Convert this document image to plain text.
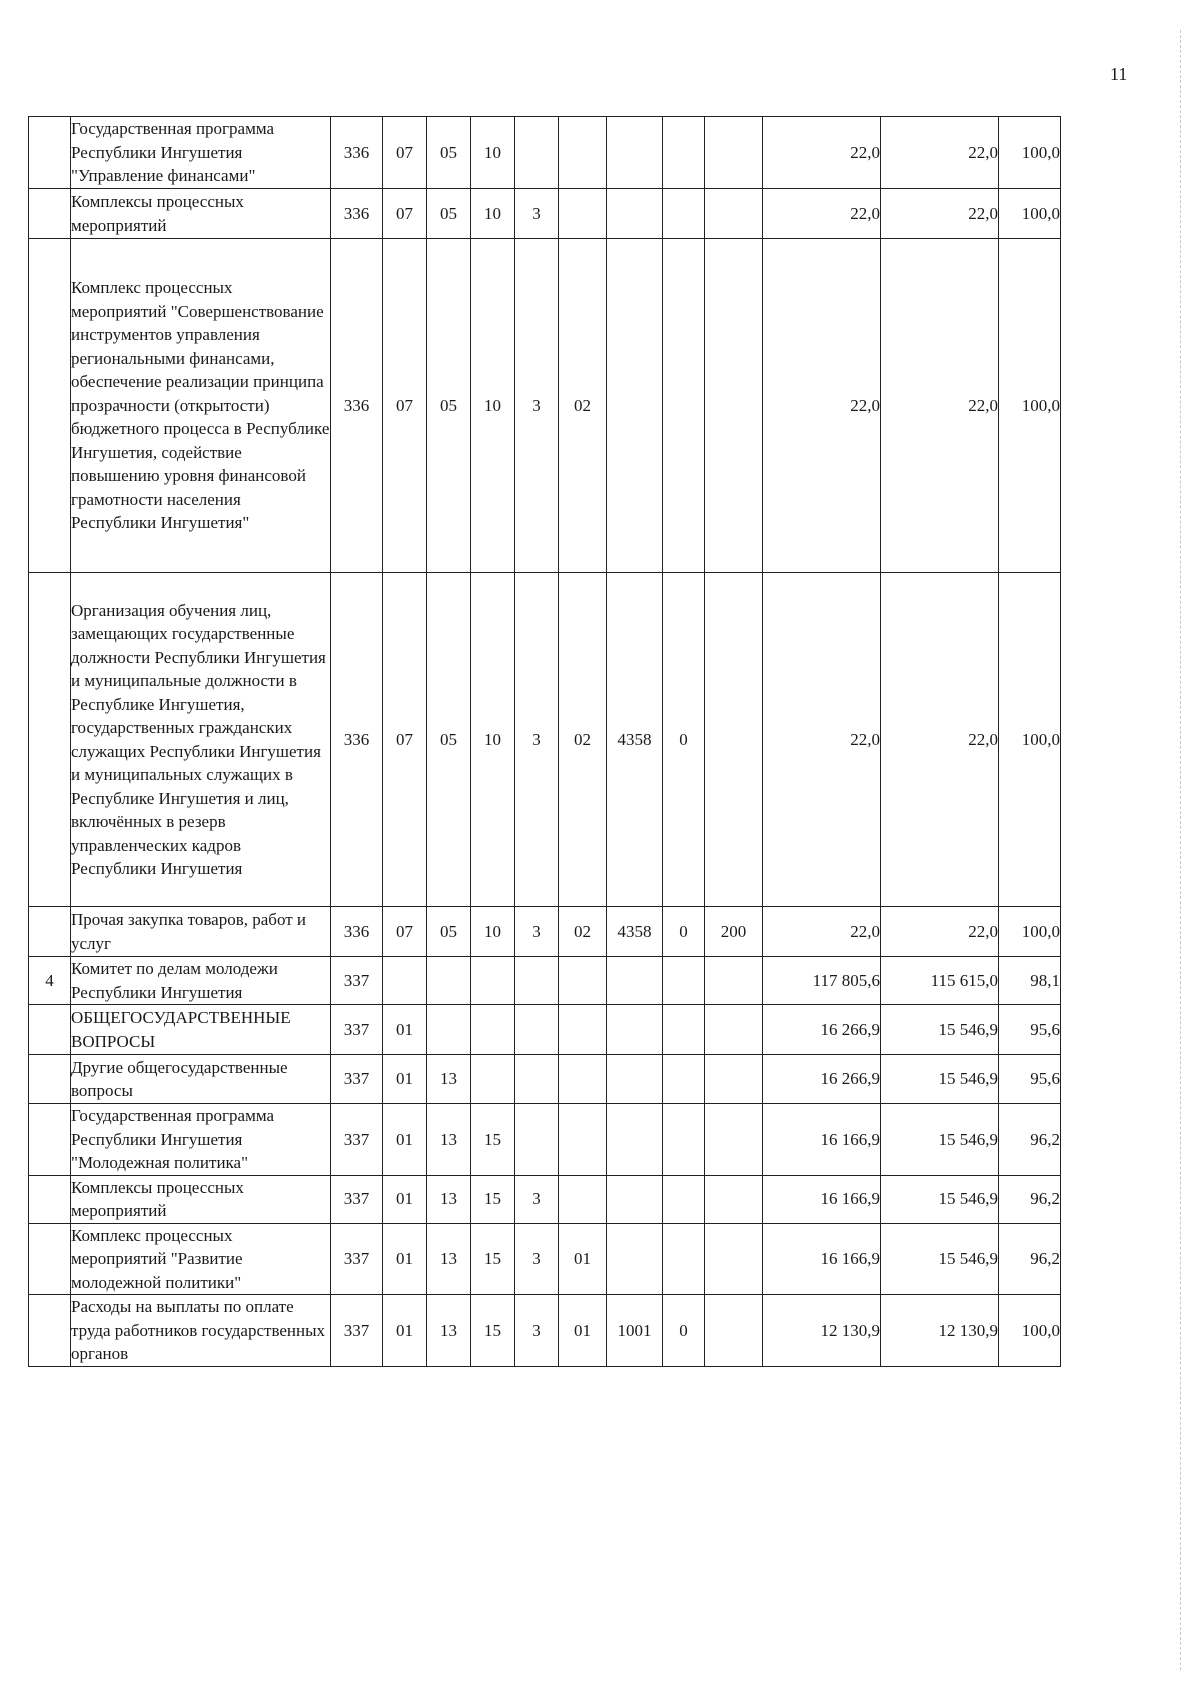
11
	Государственная программа Республики Ингушетия "Управление финансами"	336	07	05	10						22,0	22,0	100,0
	Комплексы процессных мероприятий	336	07	05	10	3					22,0	22,0	100,0
	Комплекс процессных мероприятий "Совершенствование инструментов управления региональными финансами, обеспечение реализации принципа прозрачности (открытости) бюджетного процесса в Республике Ингушетия, содействие повышению уровня финансовой грамотности населения Республики Ингушетия"	336	07	05	10	3	02				22,0	22,0	100,0
	Организация обучения лиц, замещающих государственные должности Республики Ингушетия и муниципальные должности в Республике Ингушетия, государственных гражданских служащих Республики Ингушетия и муниципальных служащих в Республике Ингушетия и лиц, включённых в резерв управленческих кадров Республики Ингушетия	336	07	05	10	3	02	4358	0		22,0	22,0	100,0
	Прочая закупка товаров, работ и услуг	336	07	05	10	3	02	4358	0	200	22,0	22,0	100,0
4	Комитет по делам молодежи Республики Ингушетия	337									117 805,6	115 615,0	98,1
	ОБЩЕГОСУДАРСТВЕННЫЕ ВОПРОСЫ	337	01								16 266,9	15 546,9	95,6
	Другие общегосударственные вопросы	337	01	13							16 266,9	15 546,9	95,6
	Государственная программа Республики Ингушетия "Молодежная политика"	337	01	13	15						16 166,9	15 546,9	96,2
	Комплексы процессных мероприятий	337	01	13	15	3					16 166,9	15 546,9	96,2
	Комплекс процессных мероприятий "Развитие молодежной политики"	337	01	13	15	3	01				16 166,9	15 546,9	96,2
	Расходы на выплаты по оплате труда работников государственных органов	337	01	13	15	3	01	1001	0		12 130,9	12 130,9	100,0
